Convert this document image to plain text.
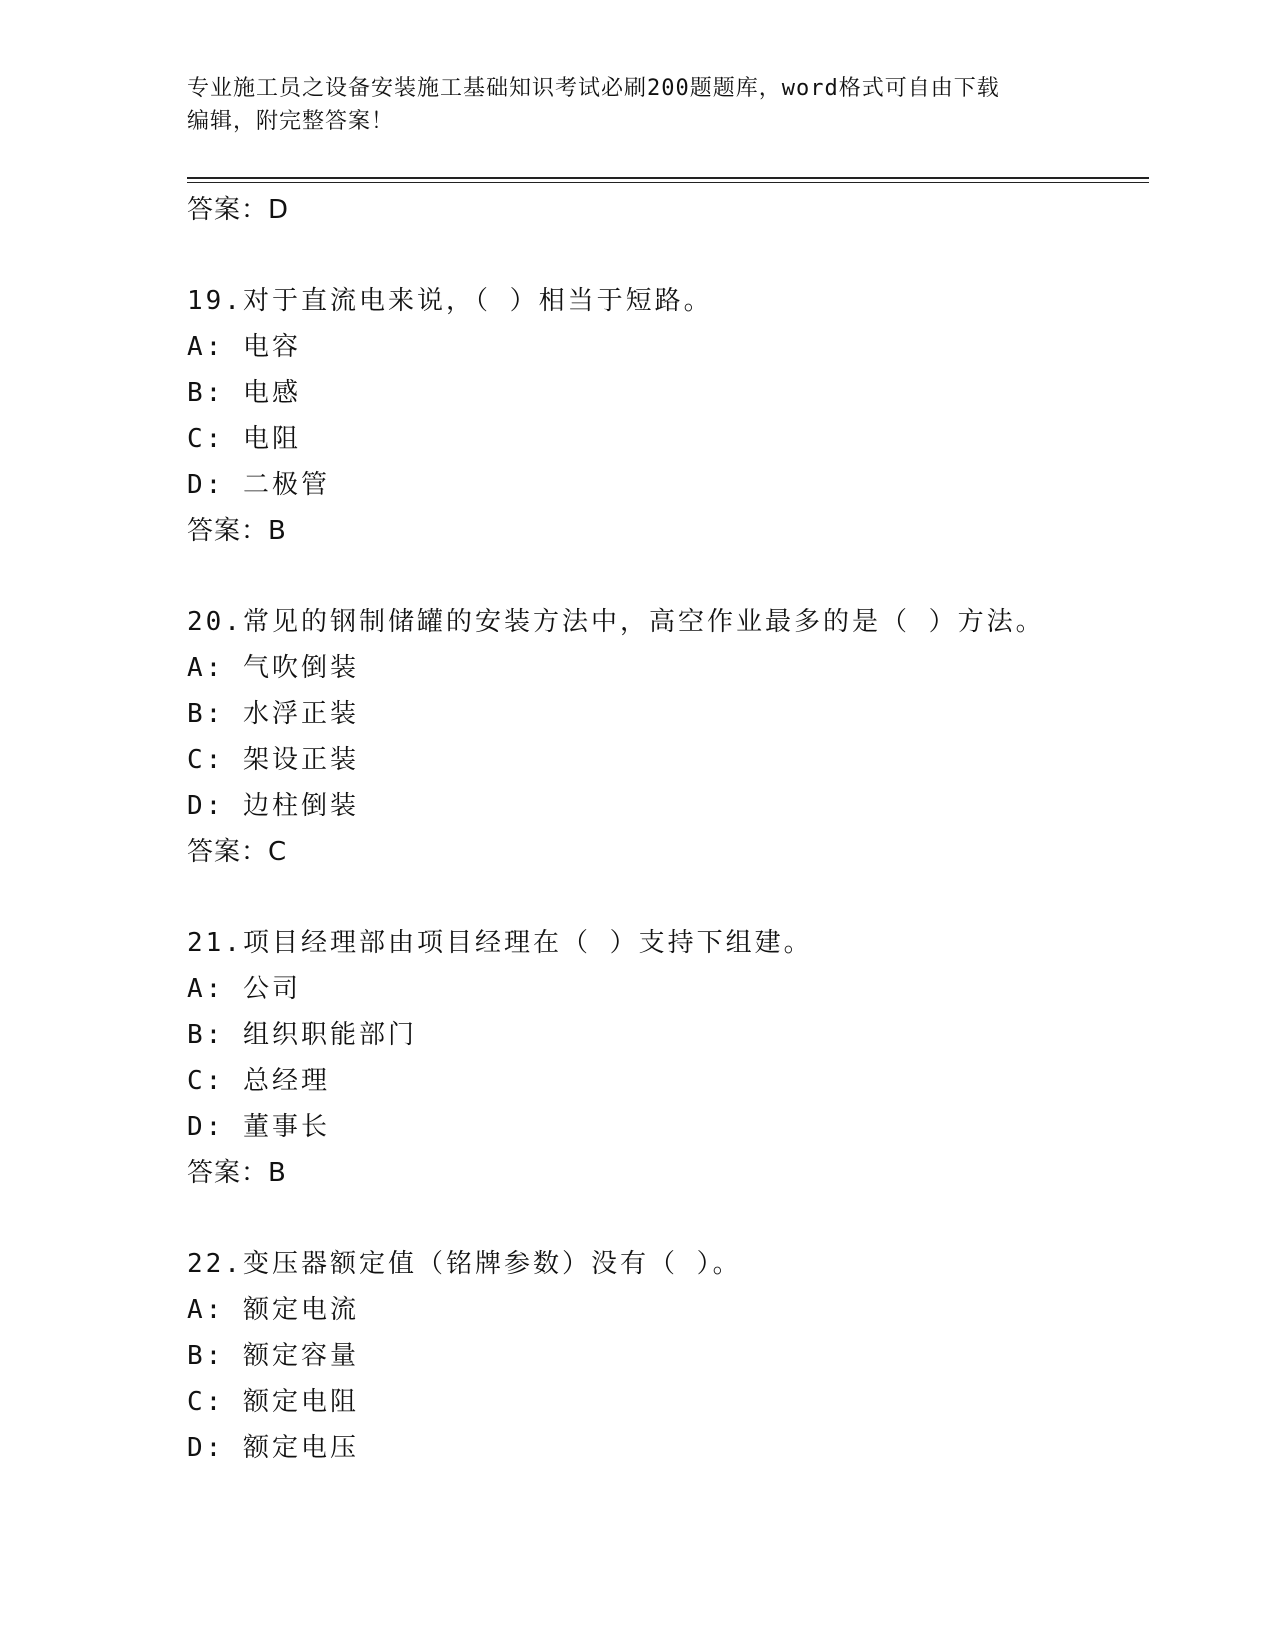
专业施工员之设备安装施工基础知识考试必刷200题题库，word格式可自由下载
编辑，附完整答案！
答案：D
19.对于直流电来说，（ ）相当于短路。
A: 电容
B: 电感
C: 电阻
D: 二极管
答案：B
20.常见的钢制储罐的安装方法中，高空作业最多的是（ ）方法。
A: 气吹倒装
B: 水浮正装
C: 架设正装
D: 边柱倒装
答案：C
21.项目经理部由项目经理在（ ）支持下组建。
A: 公司
B: 组织职能部门
C: 总经理
D: 董事长
答案：B
22.变压器额定值（铭牌参数）没有（ ）。
A: 额定电流
B: 额定容量
C: 额定电阻
D: 额定电压
